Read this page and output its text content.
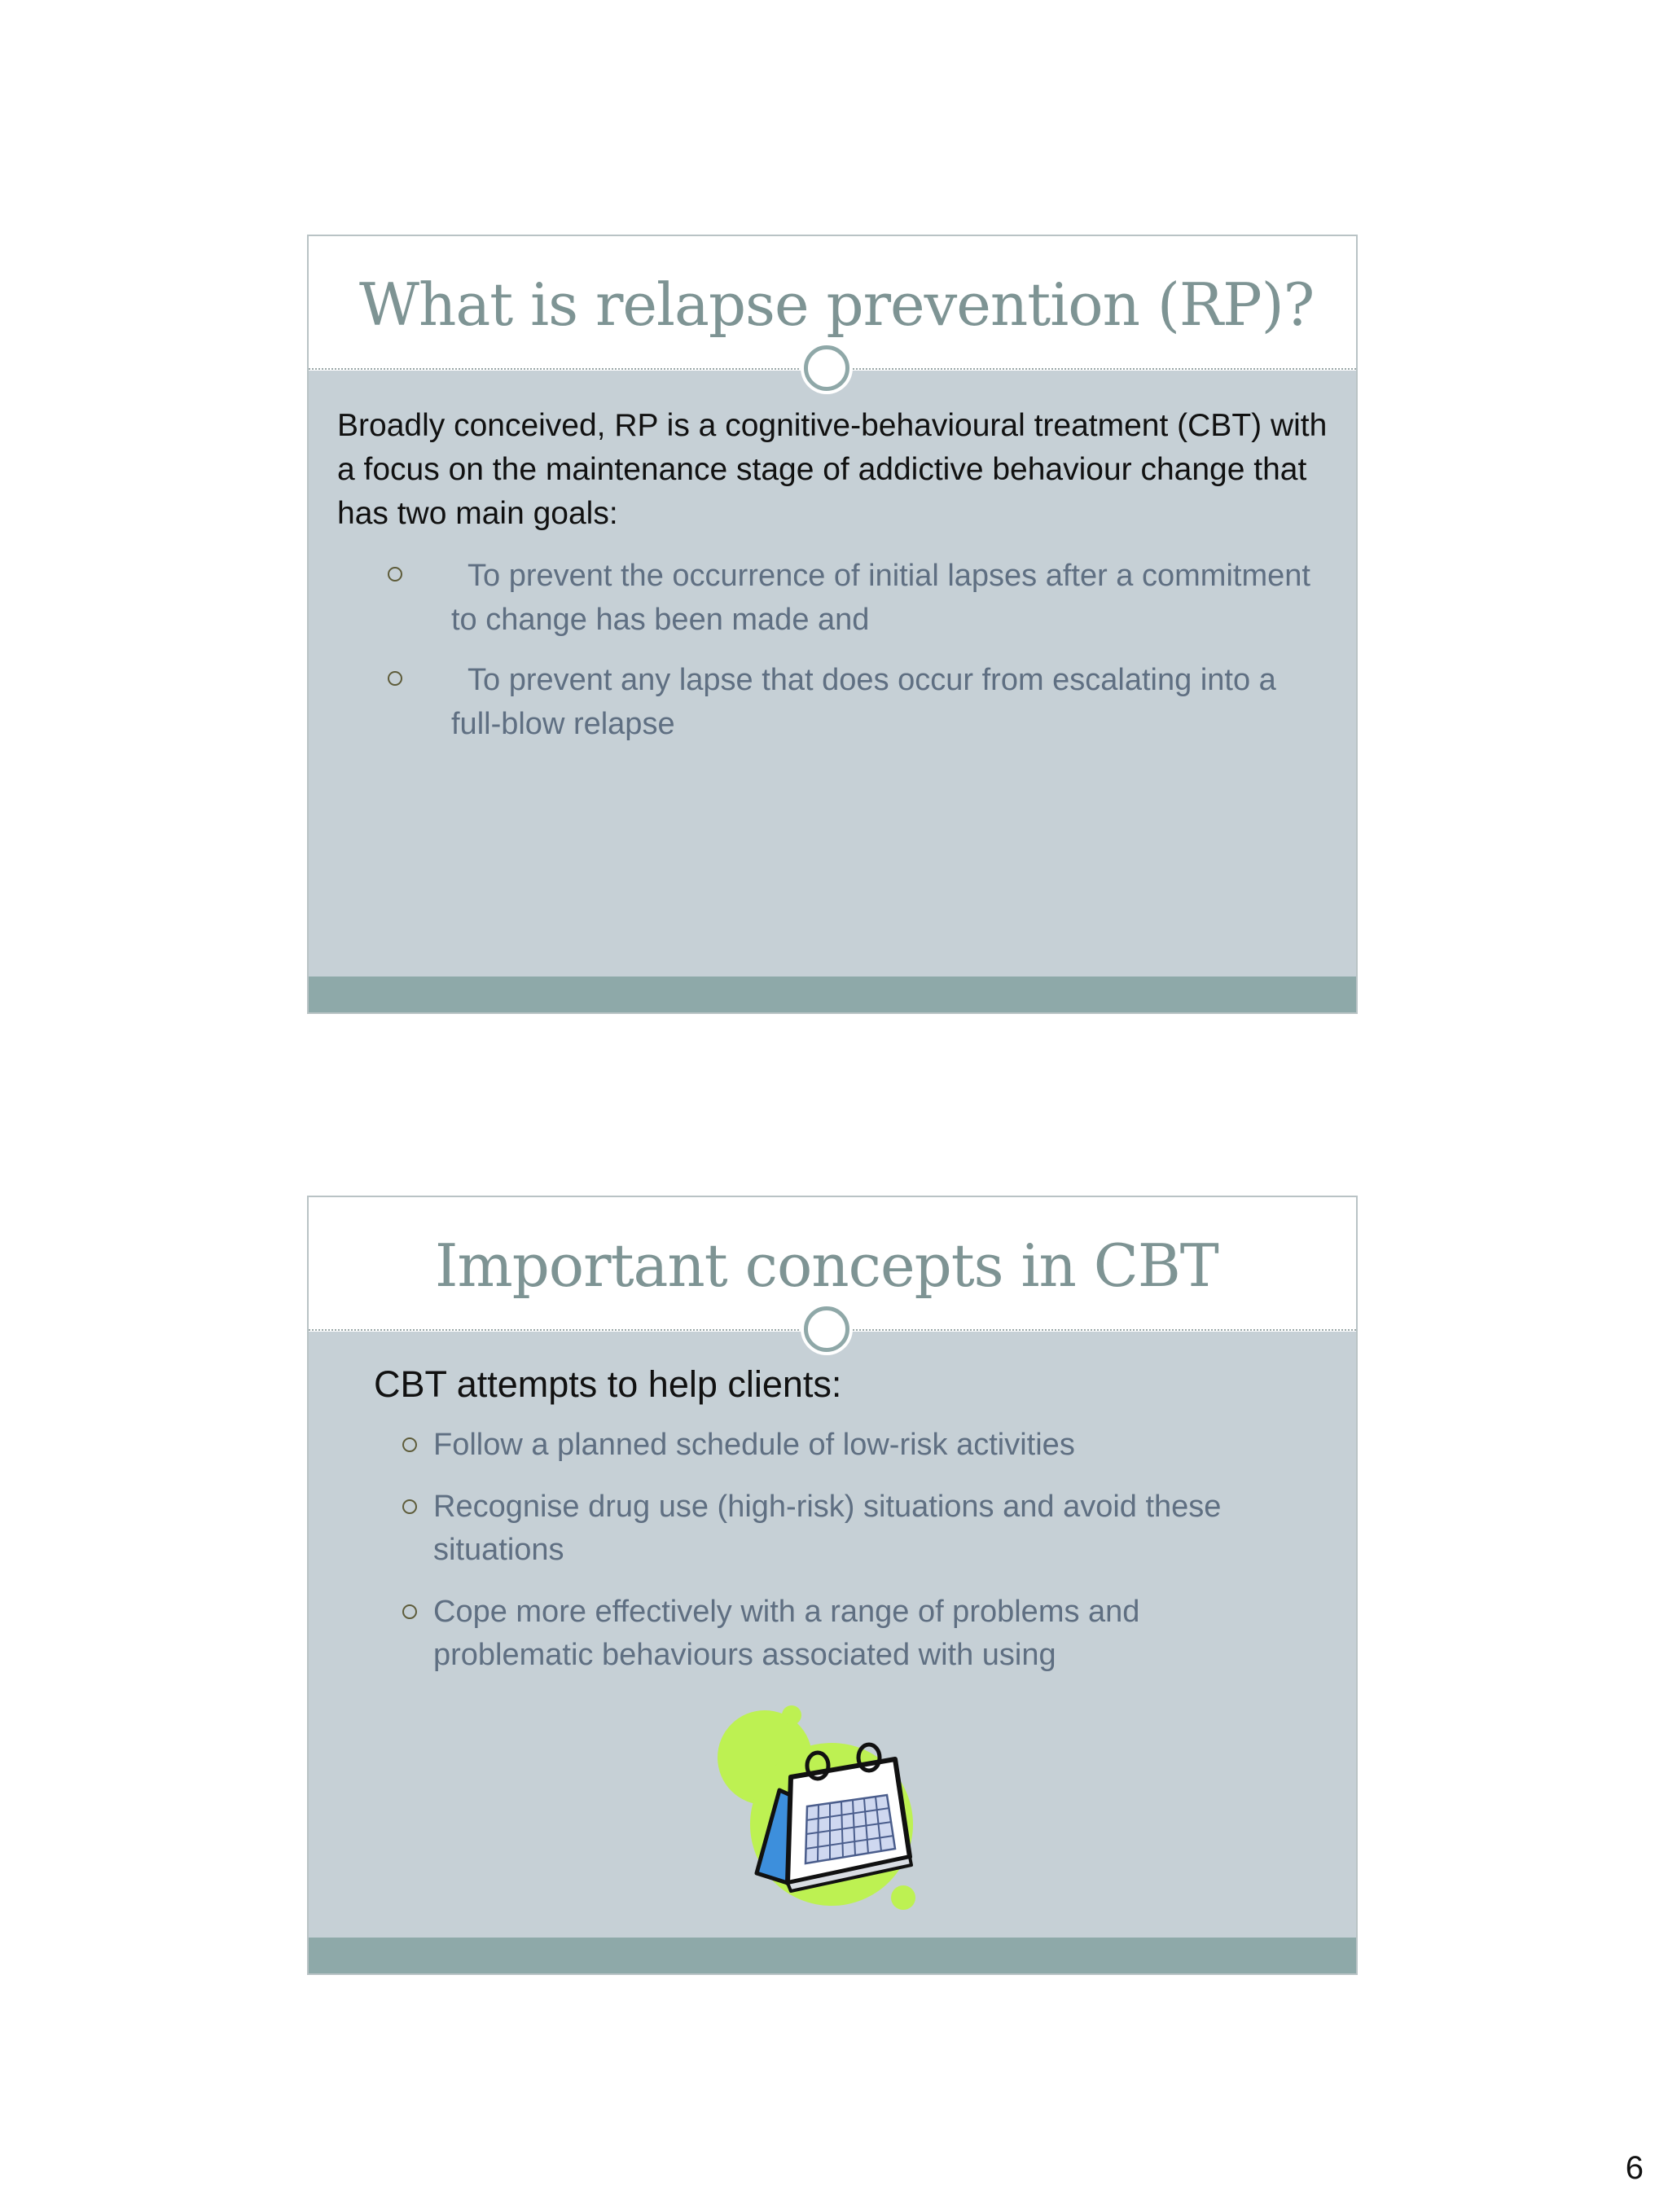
What is relapse prevention (RP)?

Broadly conceived, RP is a cognitive-behavioural treatment (CBT) with a focus on the maintenance stage of addictive behaviour change that has two main goals:

To prevent the occurrence of initial lapses after a commitment to change has been made and
To prevent any lapse that does occur from escalating into a full-blow relapse
Important concepts in CBT

CBT attempts to help clients:

Follow a planned schedule of low-risk activities
Recognise drug use (high-risk) situations and avoid these situations
Cope more effectively with a range of problems and problematic behaviours associated with using

6
